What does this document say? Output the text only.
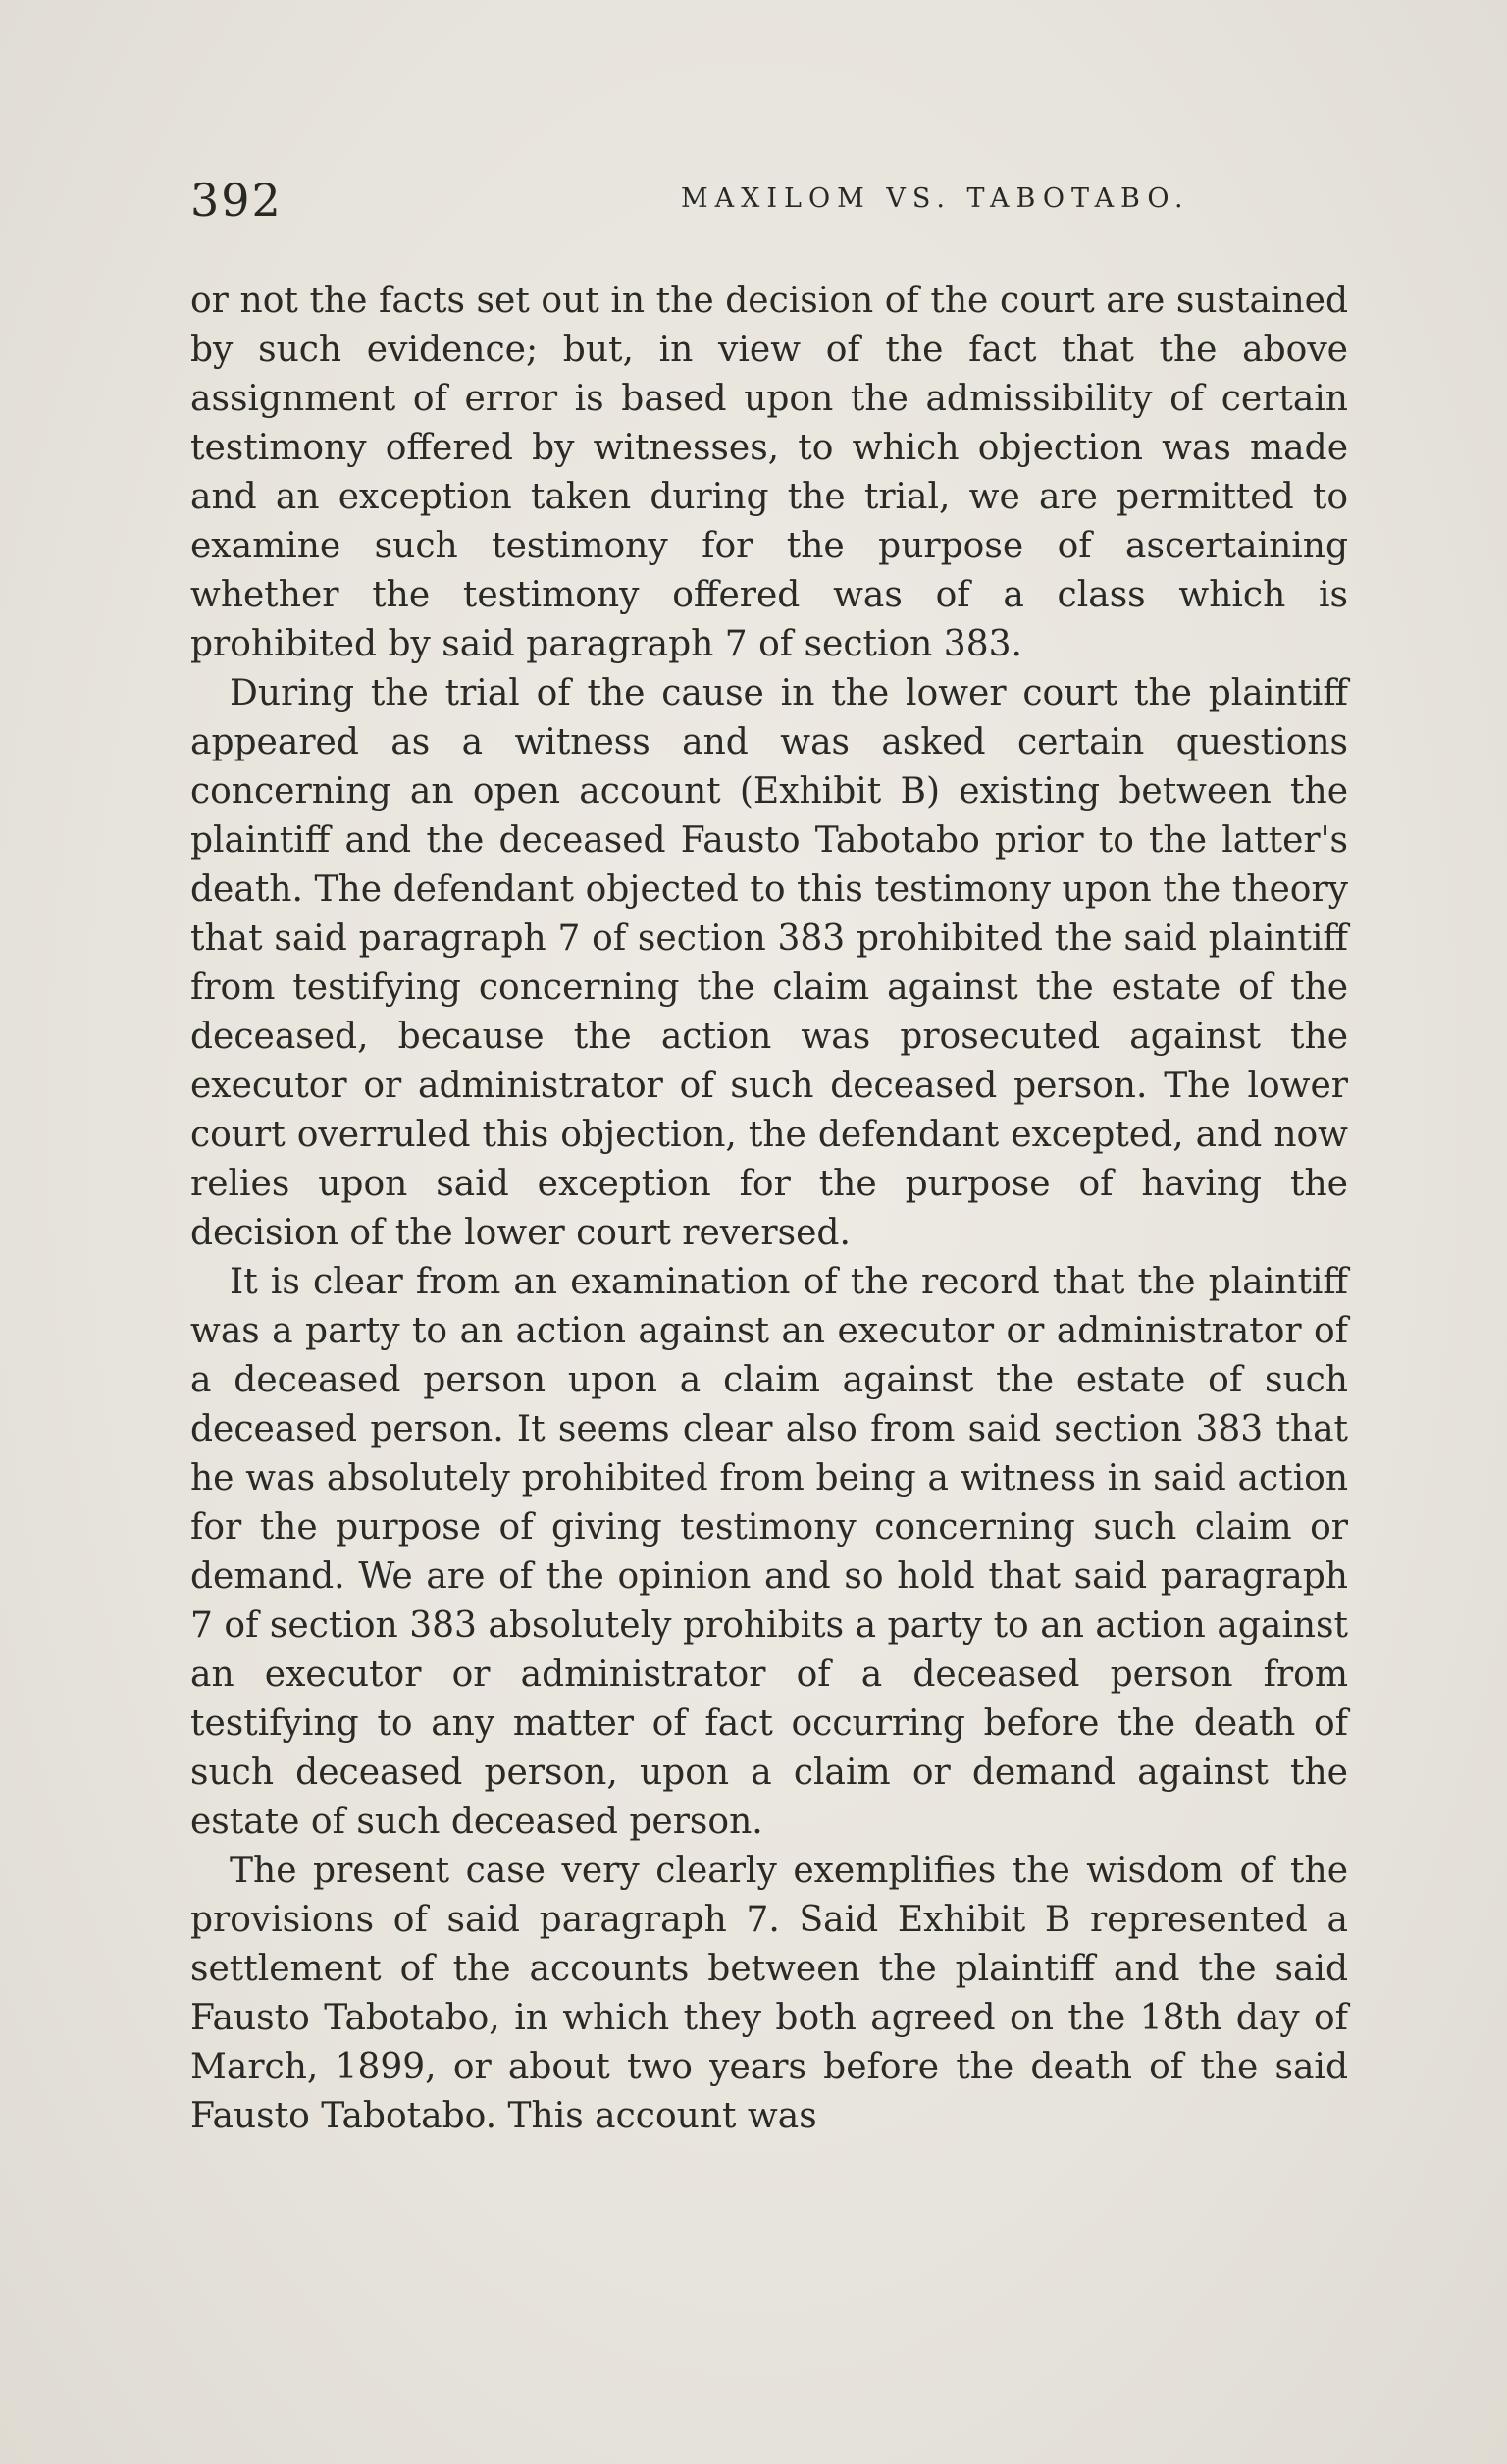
392	MAXILOM VS. TABOTABO.

or not the facts set out in the decision of the court are sustained by such evidence; but, in view of the fact that the above assignment of error is based upon the admissibility of certain testimony offered by witnesses, to which objection was made and an exception taken during the trial, we are permitted to examine such testimony for the purpose of ascertaining whether the testimony offered was of a class which is prohibited by said paragraph 7 of section 383.

During the trial of the cause in the lower court the plaintiff appeared as a witness and was asked certain questions concerning an open account (Exhibit B) existing between the plaintiff and the deceased Fausto Tabotabo prior to the latter's death. The defendant objected to this testimony upon the theory that said paragraph 7 of section 383 prohibited the said plaintiff from testifying concerning the claim against the estate of the deceased, because the action was prosecuted against the executor or administrator of such deceased person. The lower court overruled this objection, the defendant excepted, and now relies upon said exception for the purpose of having the decision of the lower court reversed.

It is clear from an examination of the record that the plaintiff was a party to an action against an executor or administrator of a deceased person upon a claim against the estate of such deceased person. It seems clear also from said section 383 that he was absolutely prohibited from being a witness in said action for the purpose of giving testimony concerning such claim or demand. We are of the opinion and so hold that said paragraph 7 of section 383 absolutely prohibits a party to an action against an executor or administrator of a deceased person from testifying to any matter of fact occurring before the death of such deceased person, upon a claim or demand against the estate of such deceased person.

The present case very clearly exemplifies the wisdom of the provisions of said paragraph 7. Said Exhibit B represented a settlement of the accounts between the plaintiff and the said Fausto Tabotabo, in which they both agreed on the 18th day of March, 1899, or about two years before the death of the said Fausto Tabotabo. This account was
